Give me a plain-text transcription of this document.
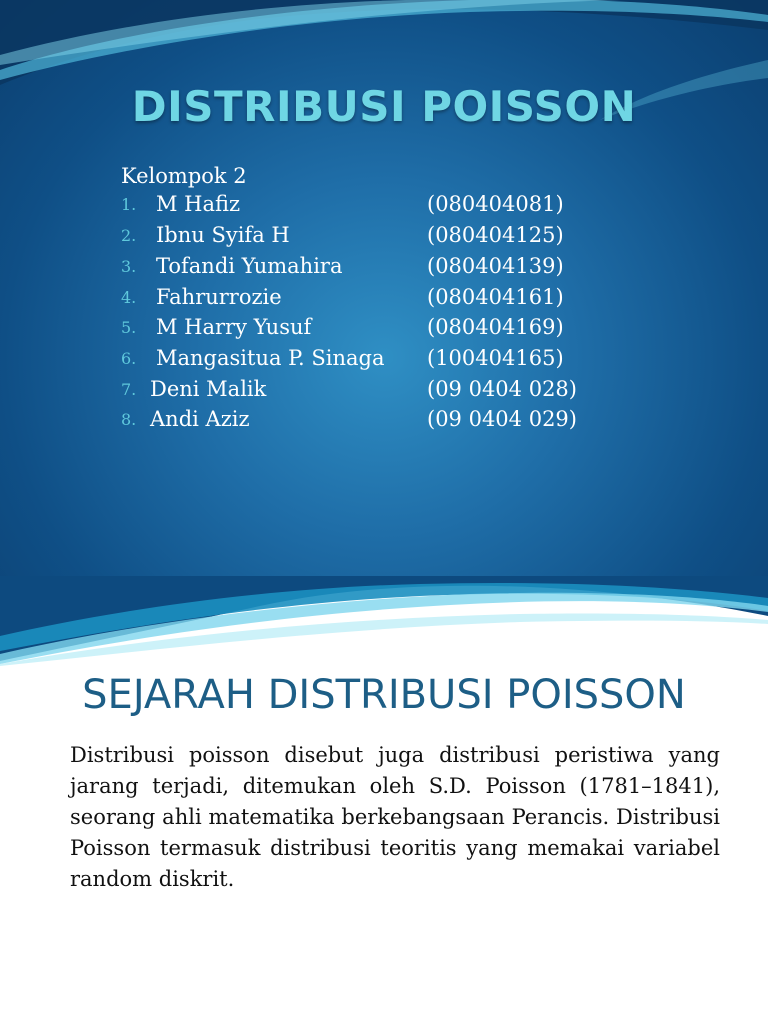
DISTRIBUSI POISSON
Kelompok 2
1. M Hafiz	(080404081)
2. Ibnu Syifa H	(080404125)
3. Tofandi Yumahira	(080404139)
4. Fahrurrozie	(080404161)
5. M Harry Yusuf	(080404169)
6. Mangasitua P. Sinaga (100404165)
7. Deni Malik	(09 0404 028)
8. Andi Aziz	(09 0404 029)
SEJARAH DISTRIBUSI POISSON
Distribusi poisson disebut juga distribusi peristiwa yang jarang terjadi, ditemukan oleh S.D. Poisson (1781–1841), seorang ahli matematika berkebangsaan Perancis. Distribusi Poisson termasuk distribusi teoritis yang memakai variabel random diskrit.
